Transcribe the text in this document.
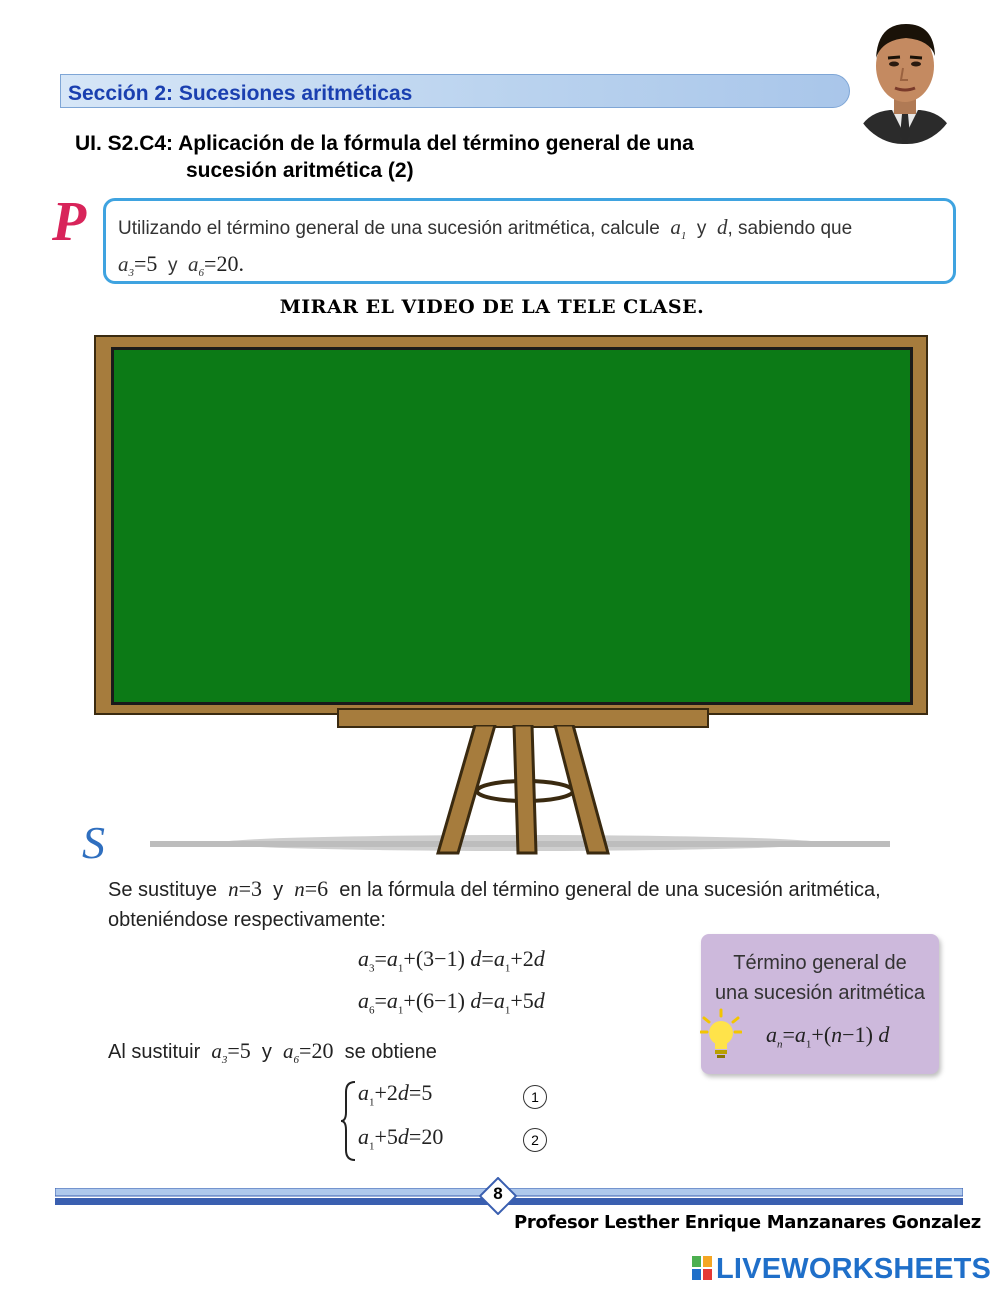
Sección 2: Sucesiones aritméticas
UI. S2.C4: Aplicación de la fórmula del término general de una
sucesión aritmética (2)
P Utilizando el término general de una sucesión aritmética, calcule $a_1$ y d, sabiendo que
$a_3=5$ y $a_6=20$.
MIRAR EL VIDEO DE LA TELE CLASE.
S
Se sustituye n=3 y n=6 en la fórmula del término general de una sucesión aritmética,
obteniéndose respectivamente:
$a_3=a_1+(3-1)$ $d=a_1+2d$
$a_6=a_1+(6-1)$ $d=a_1+5d$
Al sustituir $a_3=5$ y $a_6=20$ se obtiene
$a_1+2d=5$
$a_1+5d=20$
1
2
Término general de
una sucesión aritmética
$a_n=a_1+(n-1)$ d
8
Profesor Lesther Enrique Manzanares Gonzalez
LIVEWORKSHEETS
